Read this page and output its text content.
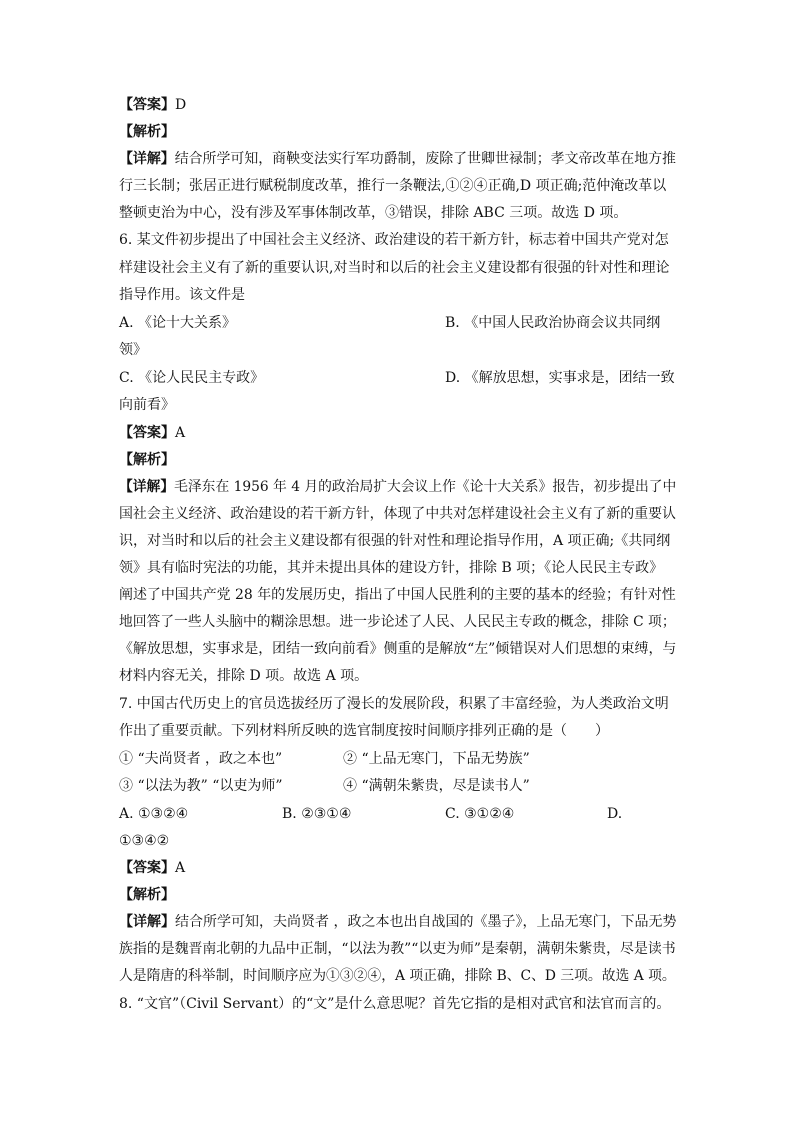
【答案】D
【解析】
【详解】结合所学可知，商鞅变法实行军功爵制，废除了世卿世禄制；孝文帝改革在地方推
行三长制；张居正进行赋税制度改革，推行一条鞭法,①②④正确,D 项正确;范仲淹改革以
整顿吏治为中心，没有涉及军事体制改革，③错误，排除 ABC 三项。故选 D 项。
6. 某文件初步提出了中国社会主义经济、政治建设的若干新方针，标志着中国共产党对怎
样建设社会主义有了新的重要认识,对当时和以后的社会主义建设都有很强的针对性和理论
指导作用。该文件是
A. 《论十大关系》	B. 《中国人民政治协商会议共同纲
领》
C. 《论人民民主专政》	D. 《解放思想，实事求是，团结一致
向前看》
【答案】A
【解析】
【详解】毛泽东在 1956 年 4 月的政治局扩大会议上作《论十大关系》报告，初步提出了中
国社会主义经济、政治建设的若干新方针，体现了中共对怎样建设社会主义有了新的重要认
识，对当时和以后的社会主义建设都有很强的针对性和理论指导作用，A 项正确;《共同纲
领》具有临时宪法的功能，其并未提出具体的建设方针，排除 B 项；《论人民民主专政》
阐述了中国共产党 28 年的发展历史，指出了中国人民胜利的主要的基本的经验；有针对性
地回答了一些人头脑中的糊涂思想。进一步论述了人民、人民民主专政的概念，排除 C 项；
《解放思想，实事求是，团结一致向前看》侧重的是解放“左”倾错误对人们思想的束缚，与
材料内容无关，排除 D 项。故选 A 项。
7. 中国古代历史上的官员选拔经历了漫长的发展阶段，积累了丰富经验，为人类政治文明
作出了重要贡献。下列材料所反映的选官制度按时间顺序排列正确的是（　　）
① “夫尚贤者 ，政之本也”	② “上品无寒门，下品无势族”
③ “以法为教” “以吏为师”	④ “满朝朱紫贵，尽是读书人”
A. ①③②④	B. ②③①④	C. ③①②④	D.
①③④②
【答案】A
【解析】
【详解】结合所学可知，夫尚贤者 ，政之本也出自战国的《墨子》，上品无寒门，下品无势
族指的是魏晋南北朝的九品中正制，“以法为教”“以吏为师”是秦朝，满朝朱紫贵，尽是读书
人是隋唐的科举制，时间顺序应为①③②④，A 项正确，排除 B、C、D 三项。故选 A 项。
8. “文官”（Civil Servant）的“文”是什么意思呢？首先它指的是相对武官和法官而言的。
